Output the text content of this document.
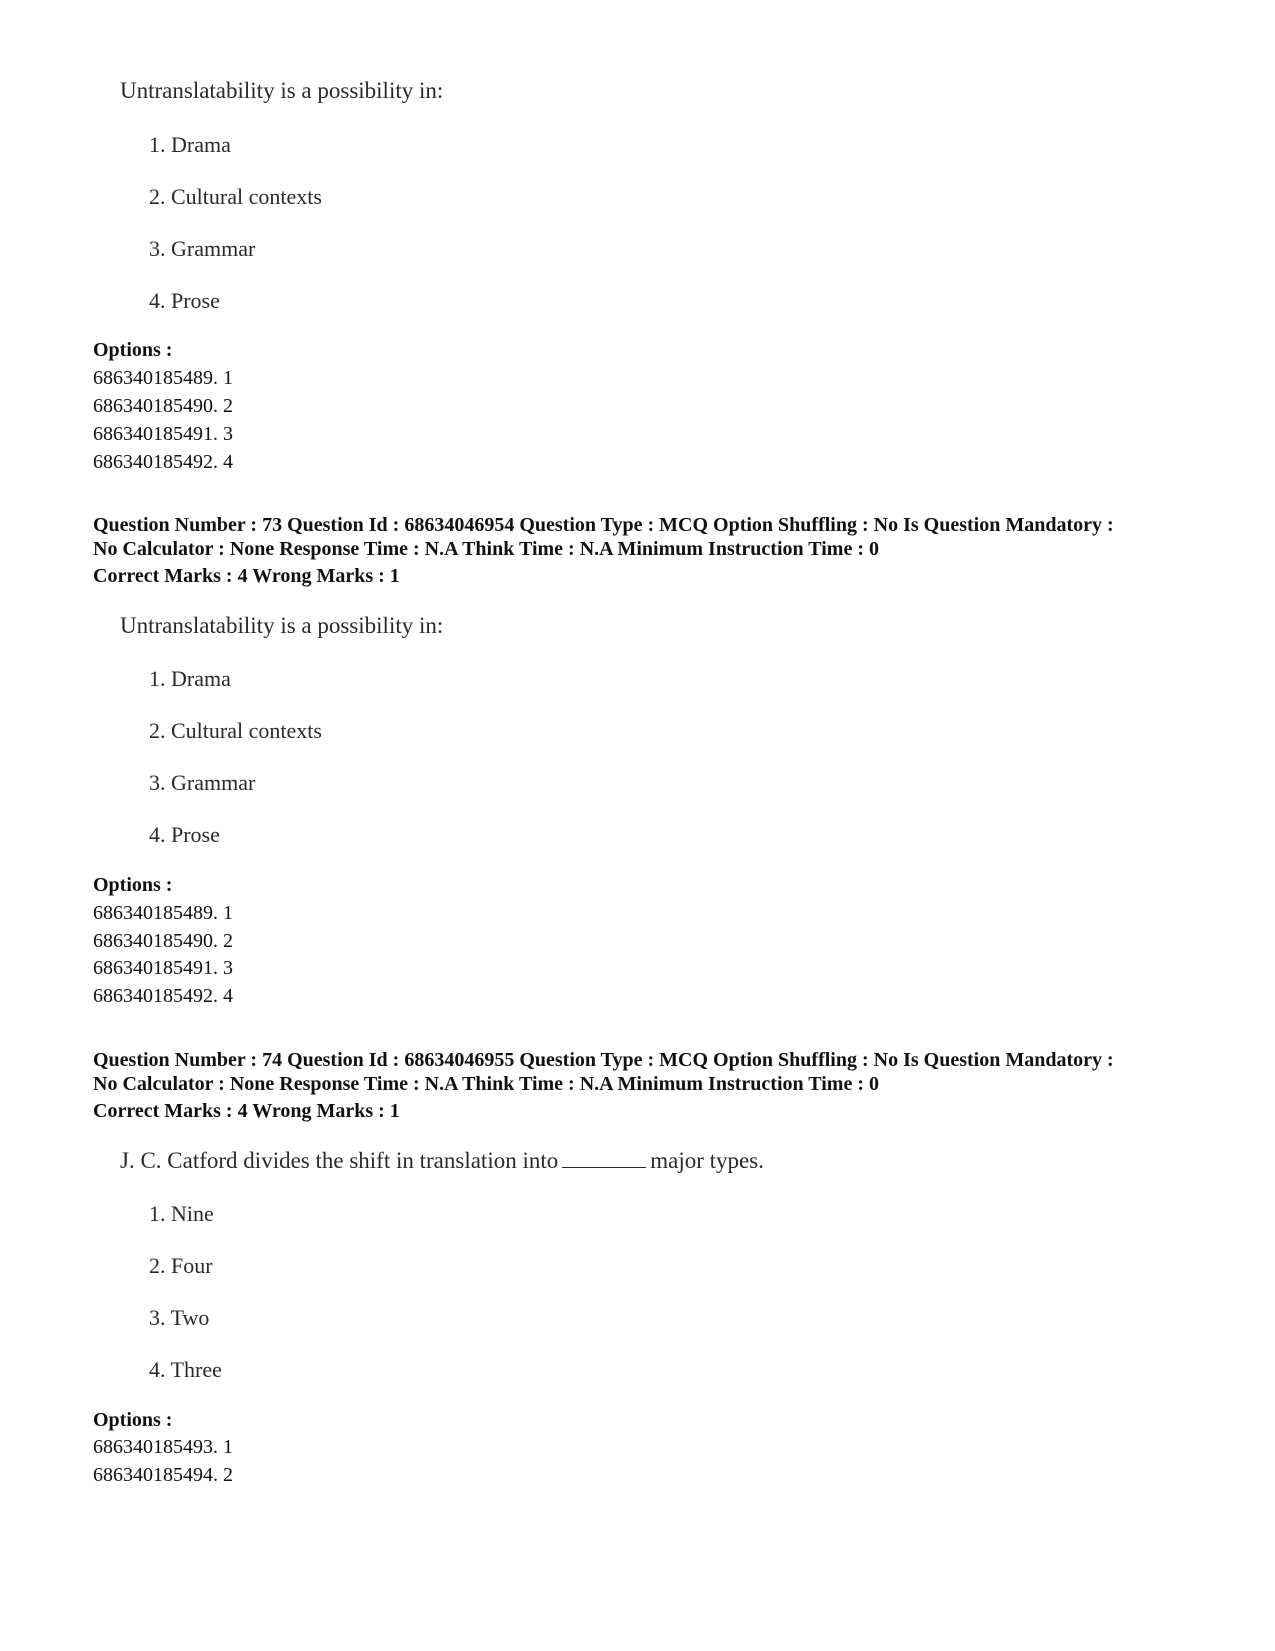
Untranslatability is a possibility in:
1. Drama
2. Cultural contexts
3. Grammar
4. Prose
Options :
686340185489. 1
686340185490. 2
686340185491. 3
686340185492. 4
Question Number : 73 Question Id : 68634046954 Question Type : MCQ Option Shuffling : No Is Question Mandatory :
No Calculator : None Response Time : N.A Think Time : N.A Minimum Instruction Time : 0
Correct Marks : 4 Wrong Marks : 1
Untranslatability is a possibility in:
1. Drama
2. Cultural contexts
3. Grammar
4. Prose
Options :
686340185489. 1
686340185490. 2
686340185491. 3
686340185492. 4
Question Number : 74 Question Id : 68634046955 Question Type : MCQ Option Shuffling : No Is Question Mandatory :
No Calculator : None Response Time : N.A Think Time : N.A Minimum Instruction Time : 0
Correct Marks : 4 Wrong Marks : 1
J. C. Catford divides the shift in translation into	major types.
1. Nine
2. Four
3. Two
4. Three
Options :
686340185493. 1
686340185494. 2
